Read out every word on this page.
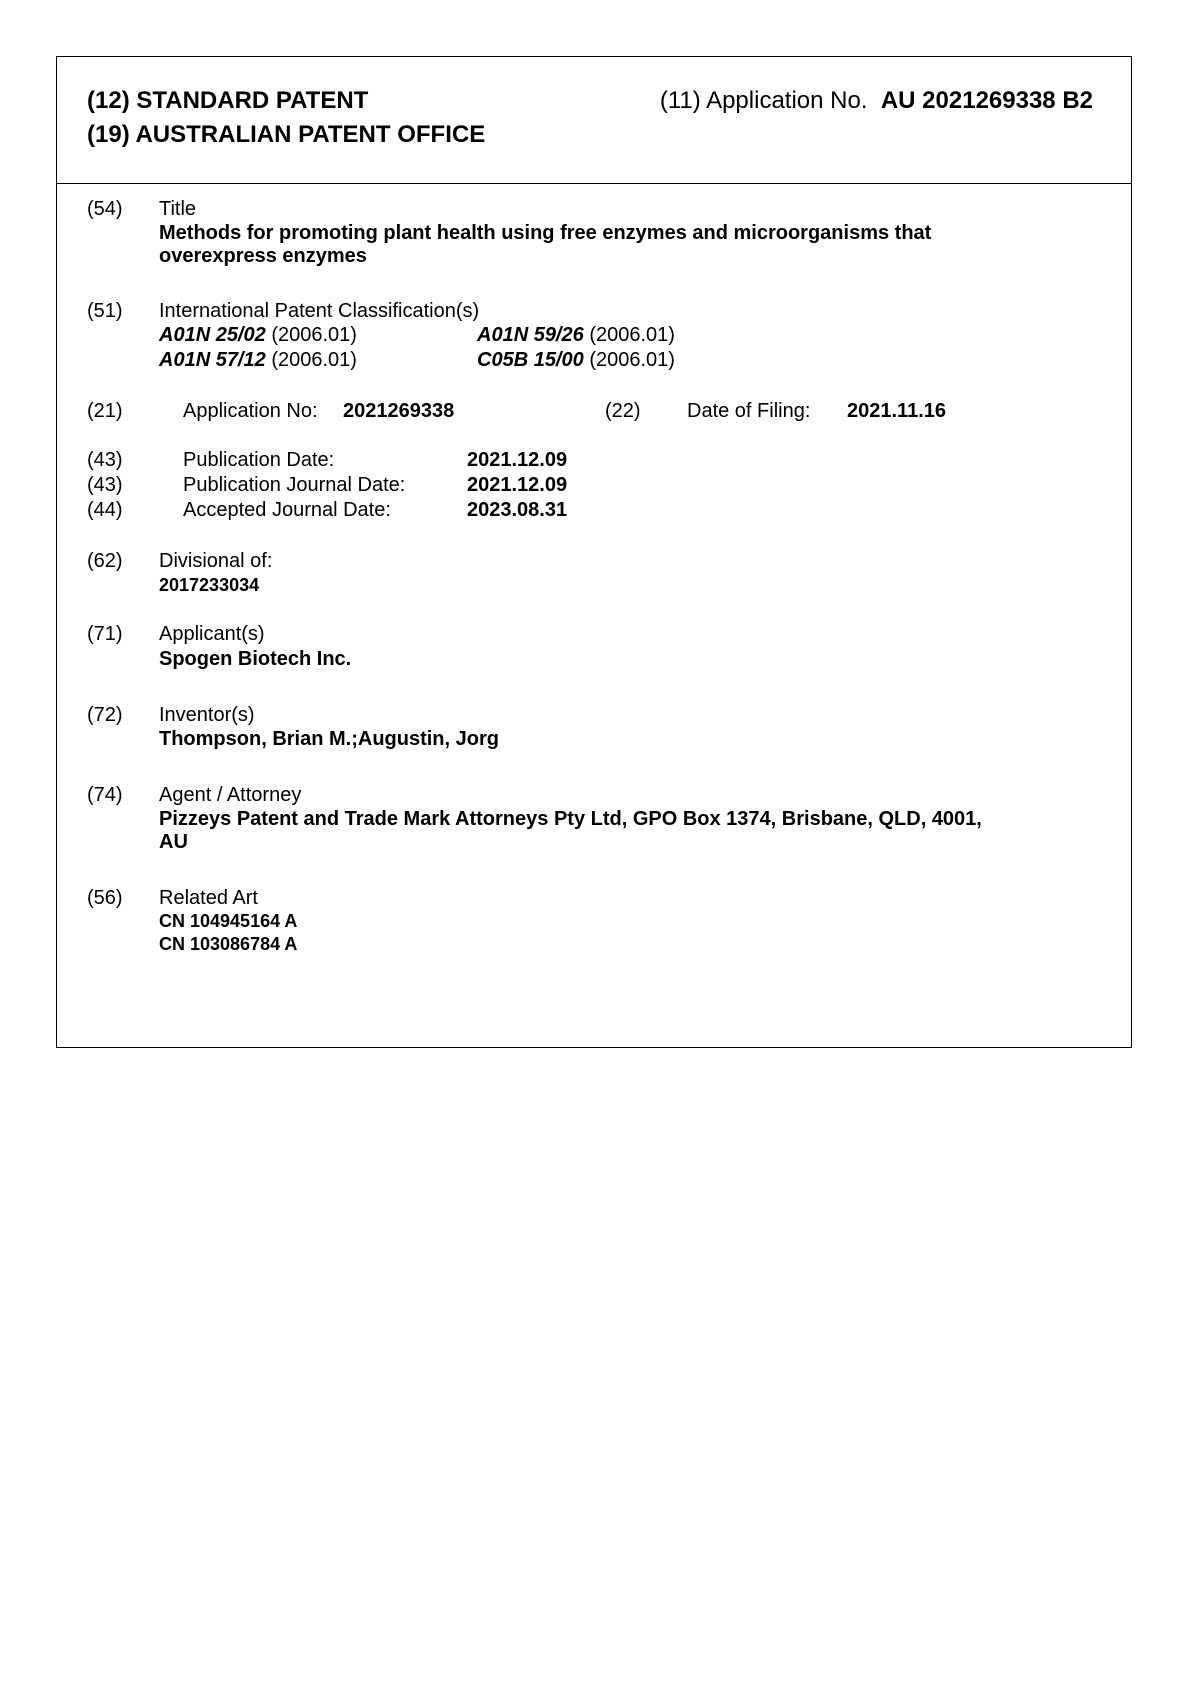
(12) STANDARD PATENT
(19) AUSTRALIAN PATENT OFFICE
(11) Application No. AU 2021269338 B2
(54) Title
Methods for promoting plant health using free enzymes and microorganisms that
overexpress enzymes
(51) International Patent Classification(s)
A01N 25/02 (2006.01)	A01N 59/26 (2006.01)
A01N 57/12 (2006.01)	C05B 15/00 (2006.01)
(21)	Application No: 2021269338	(22) Date of Filing: 2021.11.16
(43)	Publication Date:	2021.12.09
(43)	Publication Journal Date:	2021.12.09
(44)	Accepted Journal Date:	2023.08.31
(62) Divisional of:
2017233034
(71) Applicant(s)
Spogen Biotech Inc.
(72) Inventor(s)
Thompson, Brian M.;Augustin, Jorg
(74) Agent / Attorney
Pizzeys Patent and Trade Mark Attorneys Pty Ltd, GPO Box 1374, Brisbane, QLD, 4001,
AU
(56) Related Art
CN 104945164 A
CN 103086784 A
